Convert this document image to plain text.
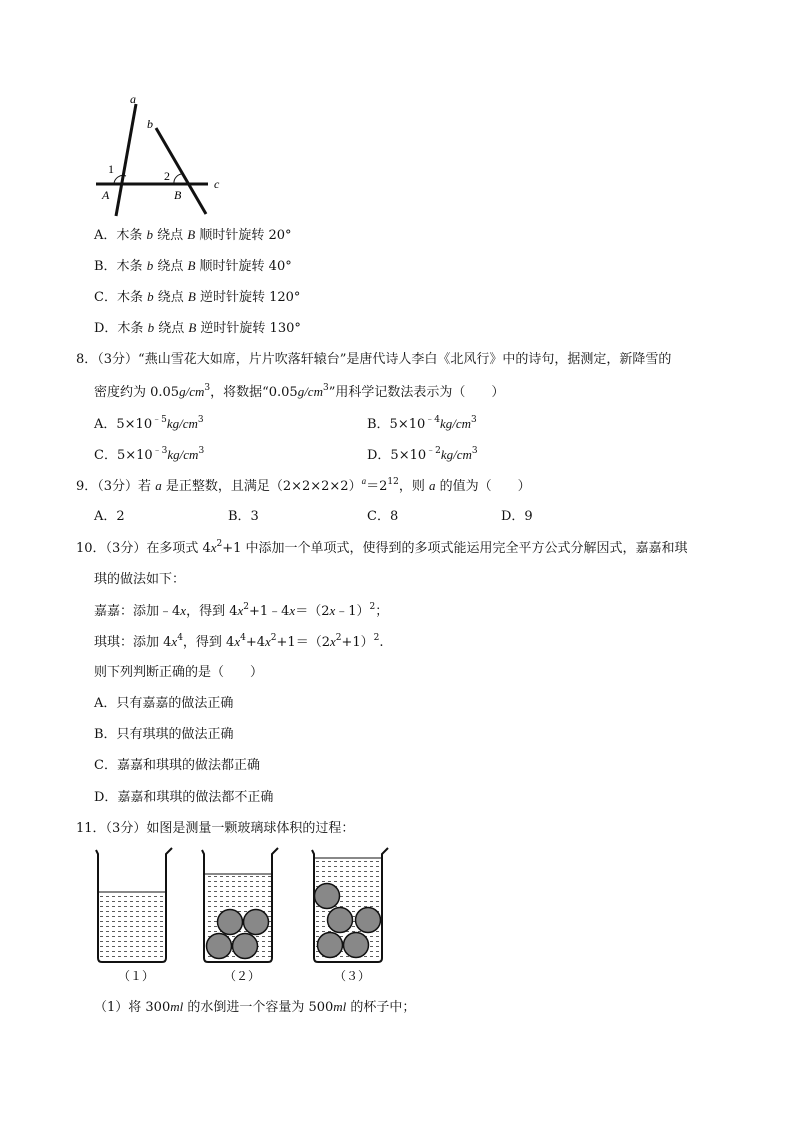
a
b
c
1	2
A	B
A．木条 b 绕点 B 顺时针旋转 20°
B．木条 b 绕点 B 顺时针旋转 40°
C．木条 b 绕点 B 逆时针旋转 120°
D．木条 b 绕点 B 逆时针旋转 130°
8．（3分）“燕山雪花大如席，片片吹落轩辕台”是唐代诗人李白《北风行》中的诗句，据测定，新降雪的
密度约为 $0.05g/cm^3$，将数据“$0.05g/cm^3$”用科学记数法表示为（　　）
A．$5\times 10^{﹣5}kg/cm^3$	B．$5\times 10^{﹣4}kg/cm^3$
C．$5\times 10^{﹣3}kg/cm^3$	D．$5\times 10^{﹣2}kg/cm^3$
9．（3分）若 a 是正整数，且满足$(2\times 2\times 2\times 2)^a=2^{12}$，则 a 的值为（　　）
A．2	B．3	C．8	D．9
10．（3分）在多项式 $4x^2+1$ 中添加一个单项式，使得到的多项式能运用完全平方公式分解因式，嘉嘉和琪
琪的做法如下：
嘉嘉：添加﹣4x，得到 $4x^2+1﹣4x=(2x﹣1)^2$；
琪琪：添加 $4x^4$，得到 $4x^4+4x^2+1=(2x^2+1)^2$.
则下列判断正确的是（　　）
A．只有嘉嘉的做法正确
B．只有琪琪的做法正确
C．嘉嘉和琪琪的做法都正确
D．嘉嘉和琪琪的做法都不正确
11．（3分）如图是测量一颗玻璃球体积的过程：
（１）	（２）	（３）
（1）将 300ml 的水倒进一个容量为 500ml 的杯子中；
